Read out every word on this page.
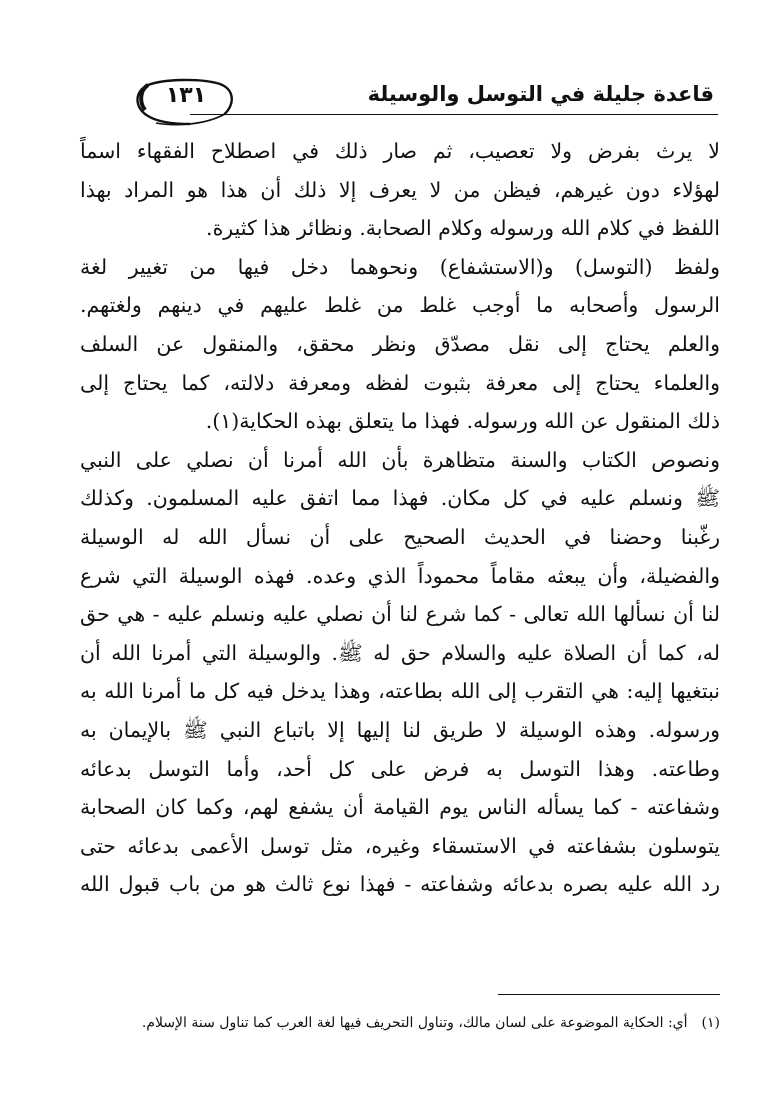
قاعدة جليلة في التوسل والوسيلة
١٣١
لا يرث بفرض ولا تعصيب، ثم صار ذلك في اصطلاح الفقهاء اسماً
لهؤلاء دون غيرهم، فيظن من لا يعرف إلا ذلك أن هذا هو المراد بهذا
اللفظ في كلام الله ورسوله وكلام الصحابة. ونظائر هذا كثيرة.
ولفظ (التوسل) و(الاستشفاع) ونحوهما دخل فيها من تغيير لغة
الرسول وأصحابه ما أوجب غلط من غلط عليهم في دينهم ولغتهم.
والعلم يحتاج إلى نقل مصدّق ونظر محقق، والمنقول عن السلف
والعلماء يحتاج إلى معرفة بثبوت لفظه ومعرفة دلالته، كما يحتاج إلى
ذلك المنقول عن الله ورسوله. فهذا ما يتعلق بهذه الحكاية(١).
ونصوص الكتاب والسنة متظاهرة بأن الله أمرنا أن نصلي على النبي
ﷺ ونسلم عليه في كل مكان. فهذا مما اتفق عليه المسلمون. وكذلك
رغّبنا وحضنا في الحديث الصحيح على أن نسأل الله له الوسيلة
والفضيلة، وأن يبعثه مقاماً محموداً الذي وعده. فهذه الوسيلة التي شرع
لنا أن نسألها الله تعالى - كما شرع لنا أن نصلي عليه ونسلم عليه - هي حق
له، كما أن الصلاة عليه والسلام حق له ﷺ. والوسيلة التي أمرنا الله أن
نبتغيها إليه: هي التقرب إلى الله بطاعته، وهذا يدخل فيه كل ما أمرنا الله به
ورسوله. وهذه الوسيلة لا طريق لنا إليها إلا باتباع النبي ﷺ بالإيمان به
وطاعته. وهذا التوسل به فرض على كل أحد، وأما التوسل بدعائه
وشفاعته - كما يسأله الناس يوم القيامة أن يشفع لهم، وكما كان الصحابة
يتوسلون بشفاعته في الاستسقاء وغيره، مثل توسل الأعمى بدعائه حتى
رد الله عليه بصره بدعائه وشفاعته - فهذا نوع ثالث هو من باب قبول الله
(١)أي: الحكاية الموضوعة على لسان مالك، وتناول التحريف فيها لغة العرب كما تناول سنة الإسلام.
